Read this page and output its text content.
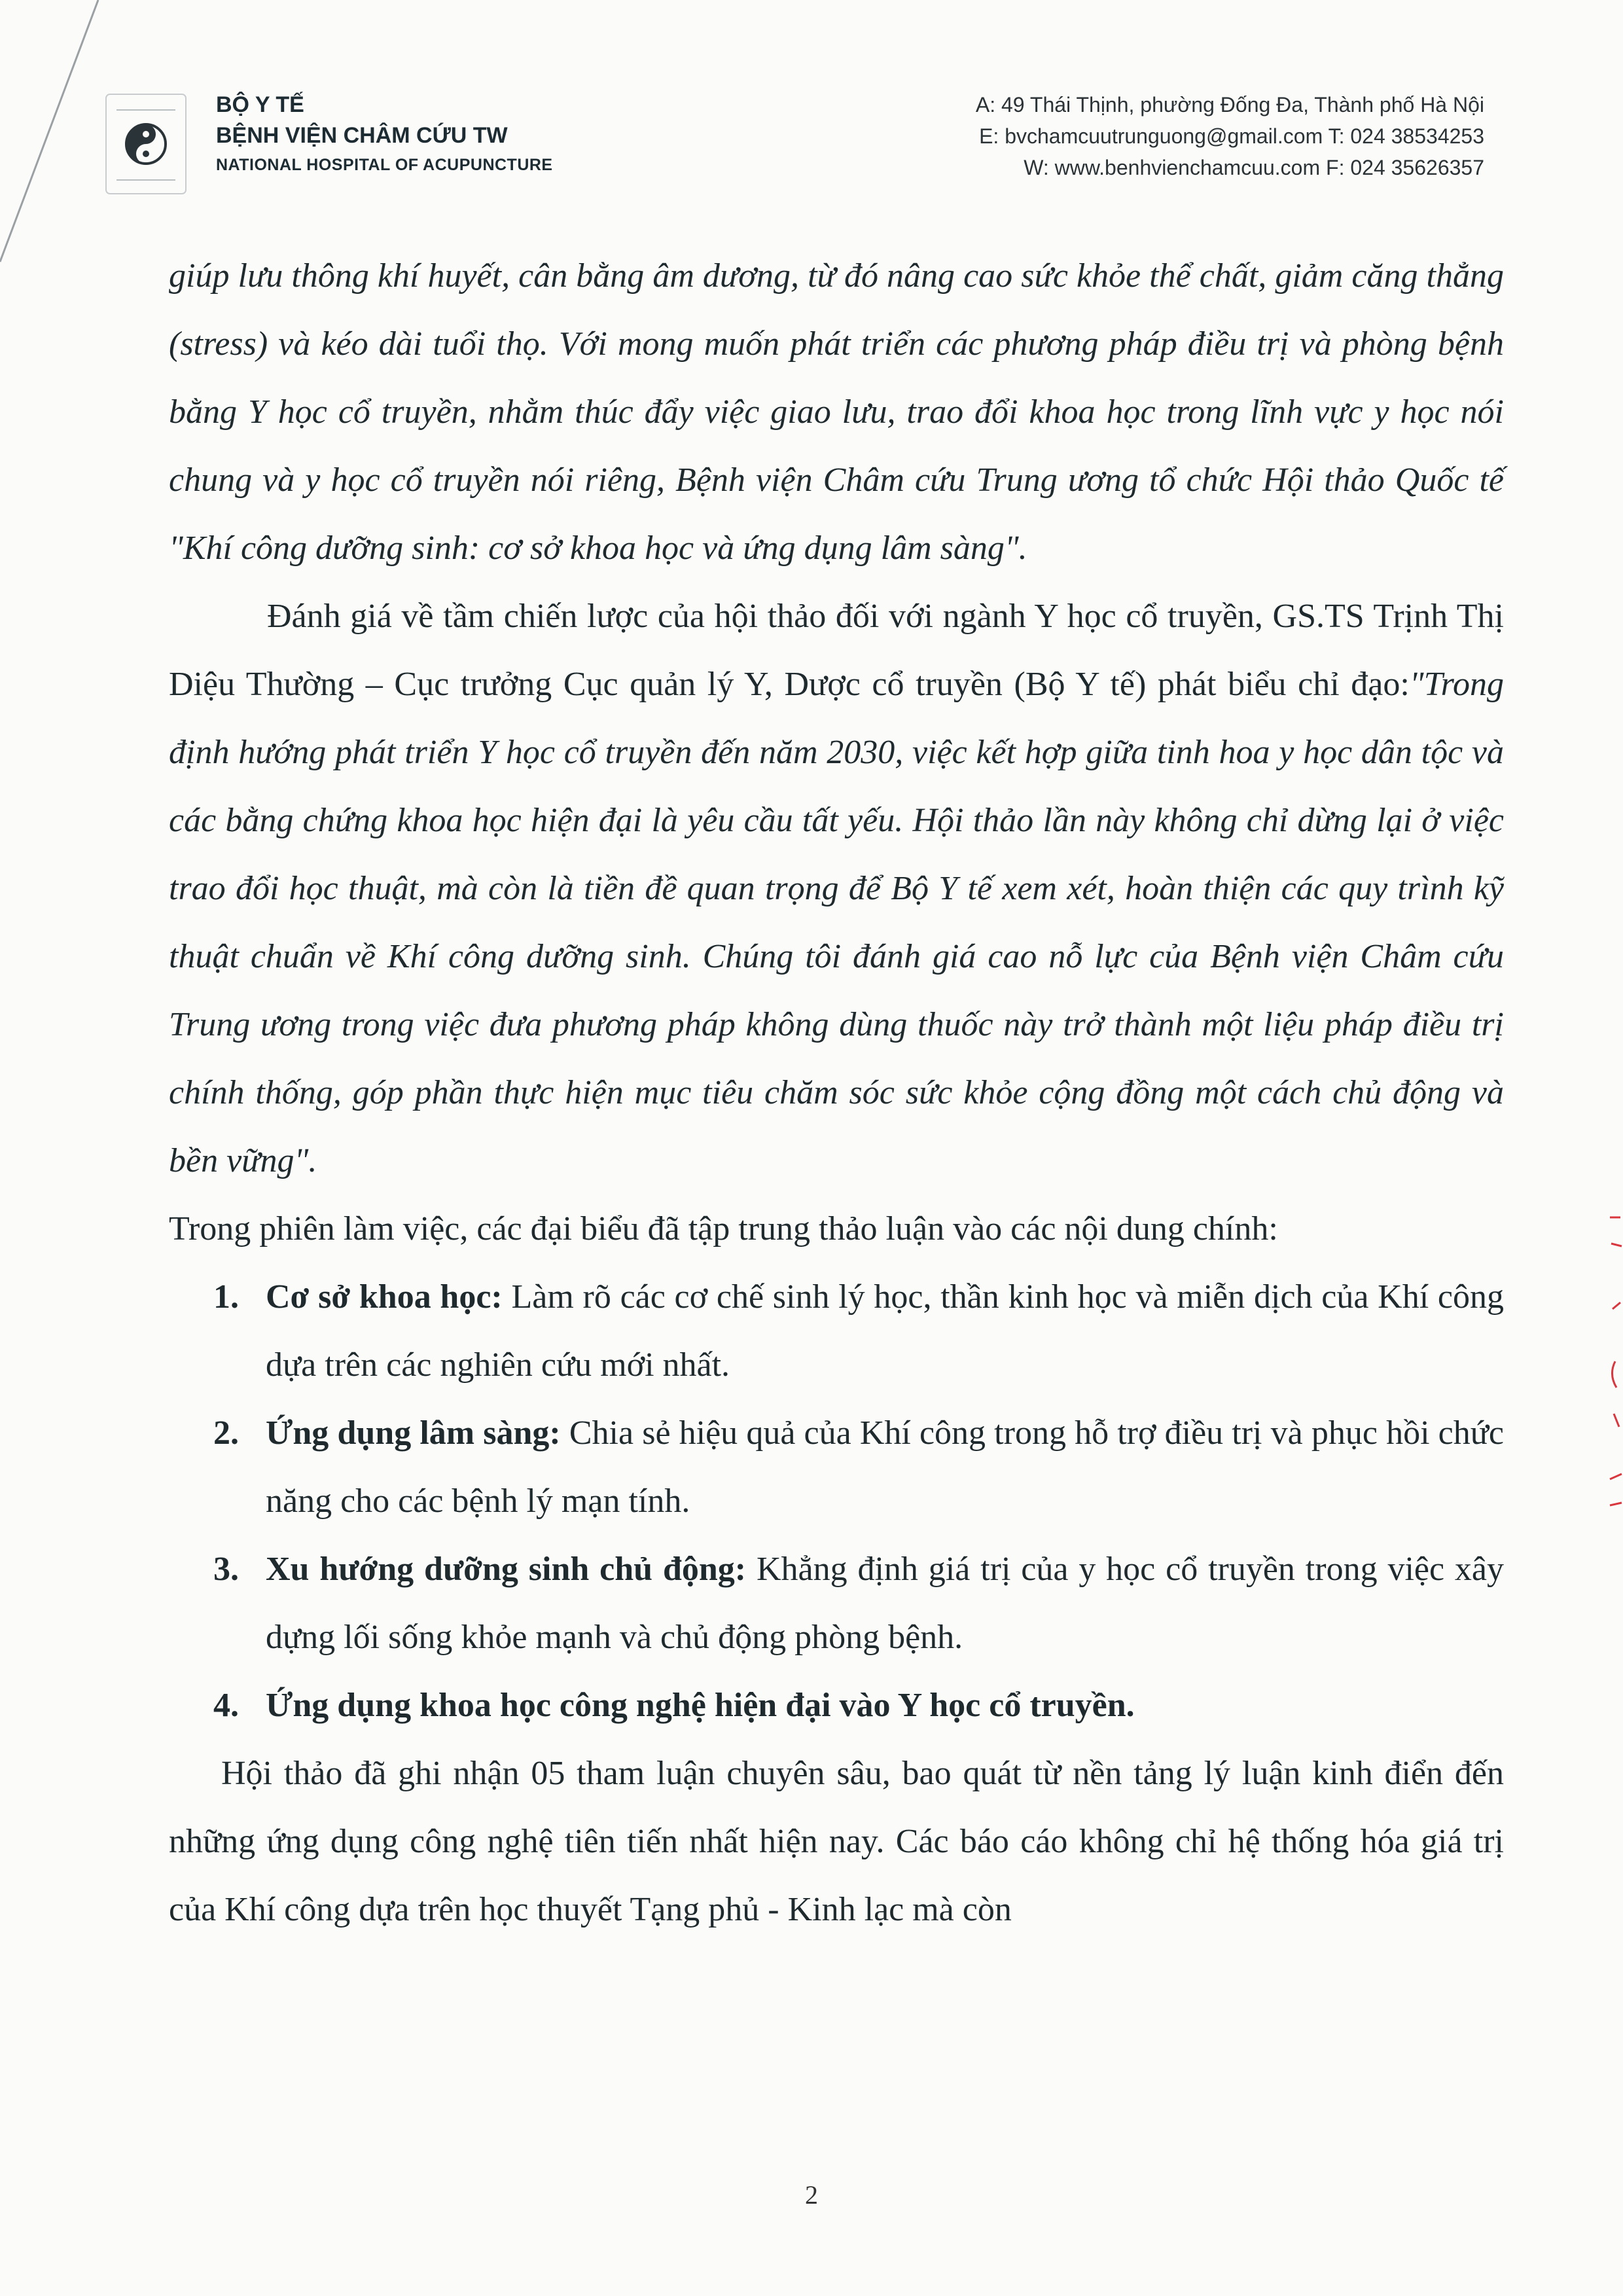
BỘ Y TẾ
BỆNH VIỆN CHÂM CỨU TW
NATIONAL HOSPITAL OF ACUPUNCTURE
A: 49 Thái Thịnh, phường Đống Đa, Thành phố Hà Nội
E: bvchamcuutrunguong@gmail.com T: 024 38534253
W: www.benhvienchamcuu.com F: 024 35626357

giúp lưu thông khí huyết, cân bằng âm dương, từ đó nâng cao sức khỏe thể chất, giảm căng thẳng (stress) và kéo dài tuổi thọ. Với mong muốn phát triển các phương pháp điều trị và phòng bệnh bằng Y học cổ truyền, nhằm thúc đẩy việc giao lưu, trao đổi khoa học trong lĩnh vực y học nói chung và y học cổ truyền nói riêng, Bệnh viện Châm cứu Trung ương tổ chức Hội thảo Quốc tế "Khí công dưỡng sinh: cơ sở khoa học và ứng dụng lâm sàng".

Đánh giá về tầm chiến lược của hội thảo đối với ngành Y học cổ truyền, GS.TS Trịnh Thị Diệu Thường – Cục trưởng Cục quản lý Y, Dược cổ truyền (Bộ Y tế) phát biểu chỉ đạo:"Trong định hướng phát triển Y học cổ truyền đến năm 2030, việc kết hợp giữa tinh hoa y học dân tộc và các bằng chứng khoa học hiện đại là yêu cầu tất yếu. Hội thảo lần này không chỉ dừng lại ở việc trao đổi học thuật, mà còn là tiền đề quan trọng để Bộ Y tế xem xét, hoàn thiện các quy trình kỹ thuật chuẩn về Khí công dưỡng sinh. Chúng tôi đánh giá cao nỗ lực của Bệnh viện Châm cứu Trung ương trong việc đưa phương pháp không dùng thuốc này trở thành một liệu pháp điều trị chính thống, góp phần thực hiện mục tiêu chăm sóc sức khỏe cộng đồng một cách chủ động và bền vững".

Trong phiên làm việc, các đại biểu đã tập trung thảo luận vào các nội dung chính:

1. Cơ sở khoa học: Làm rõ các cơ chế sinh lý học, thần kinh học và miễn dịch của Khí công dựa trên các nghiên cứu mới nhất.
2. Ứng dụng lâm sàng: Chia sẻ hiệu quả của Khí công trong hỗ trợ điều trị và phục hồi chức năng cho các bệnh lý mạn tính.
3. Xu hướng dưỡng sinh chủ động: Khẳng định giá trị của y học cổ truyền trong việc xây dựng lối sống khỏe mạnh và chủ động phòng bệnh.
4. Ứng dụng khoa học công nghệ hiện đại vào Y học cổ truyền.

Hội thảo đã ghi nhận 05 tham luận chuyên sâu, bao quát từ nền tảng lý luận kinh điển đến những ứng dụng công nghệ tiên tiến nhất hiện nay. Các báo cáo không chỉ hệ thống hóa giá trị của Khí công dựa trên học thuyết Tạng phủ - Kinh lạc mà còn

2
